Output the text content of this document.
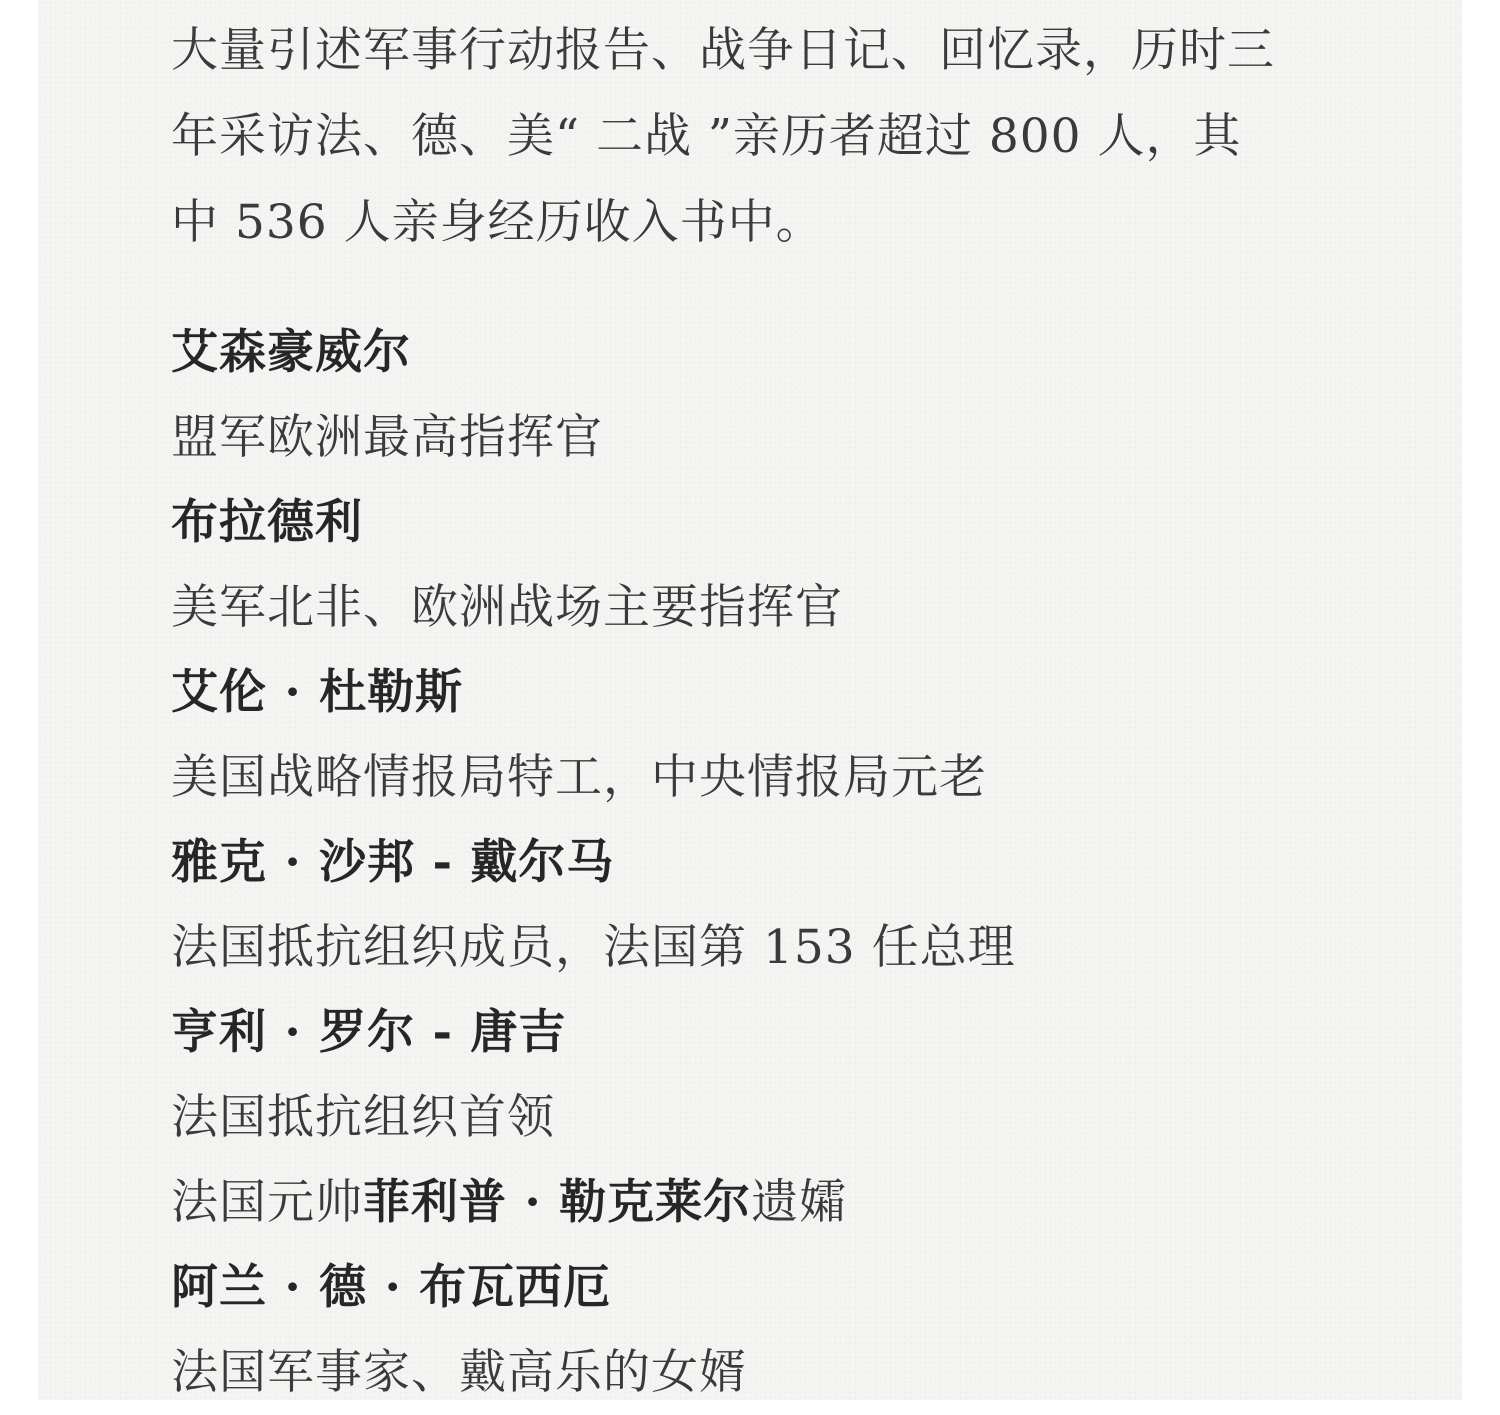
大量引述军事行动报告、战争日记、回忆录，历时三
年采访法、德、美“ 二战 ”亲历者超过 800 人，其
中 536 人亲身经历收入书中。
艾森豪威尔
盟军欧洲最高指挥官
布拉德利
美军北非、欧洲战场主要指挥官
艾伦 · 杜勒斯
美国战略情报局特工，中央情报局元老
雅克 · 沙邦 - 戴尔马
法国抵抗组织成员，法国第 153 任总理
亨利 · 罗尔 - 唐吉
法国抵抗组织首领
法国元帅菲利普 · 勒克莱尔遗孀
阿兰 · 德 · 布瓦西厄
法国军事家、戴高乐的女婿
